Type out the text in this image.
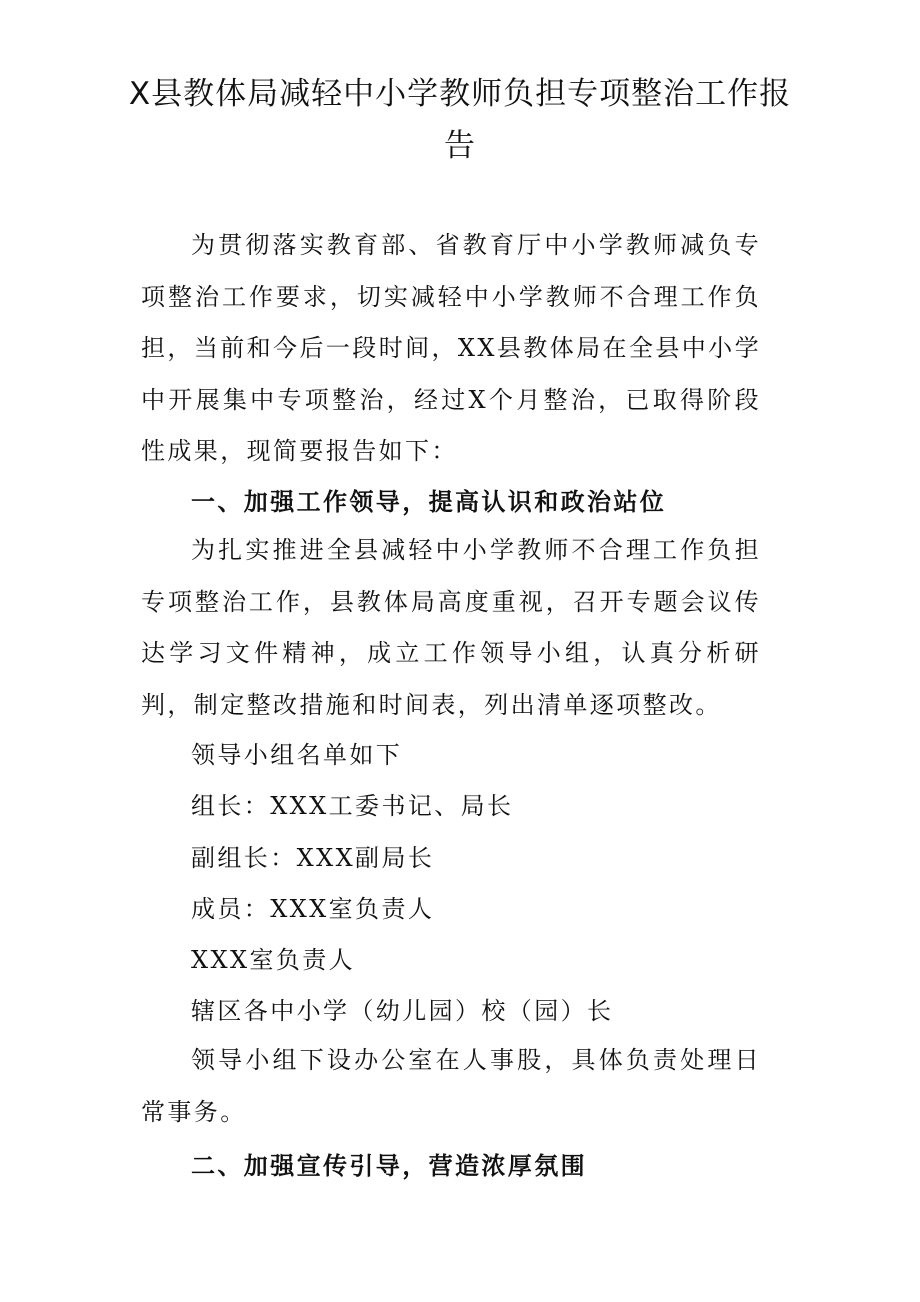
X县教体局减轻中小学教师负担专项整治工作报告

为贯彻落实教育部、省教育厅中小学教师减负专项整治工作要求，切实减轻中小学教师不合理工作负担，当前和今后一段时间，XX县教体局在全县中小学中开展集中专项整治，经过X个月整治，已取得阶段性成果，现简要报告如下：

一、加强工作领导，提高认识和政治站位

为扎实推进全县减轻中小学教师不合理工作负担专项整治工作，县教体局高度重视，召开专题会议传达学习文件精神，成立工作领导小组，认真分析研判，制定整改措施和时间表，列出清单逐项整改。

领导小组名单如下

组长：XXX工委书记、局长

副组长：XXX副局长

成员：XXX室负责人

XXX室负责人

辖区各中小学（幼儿园）校（园）长

领导小组下设办公室在人事股，具体负责处理日常事务。

二、加强宣传引导，营造浓厚氛围
